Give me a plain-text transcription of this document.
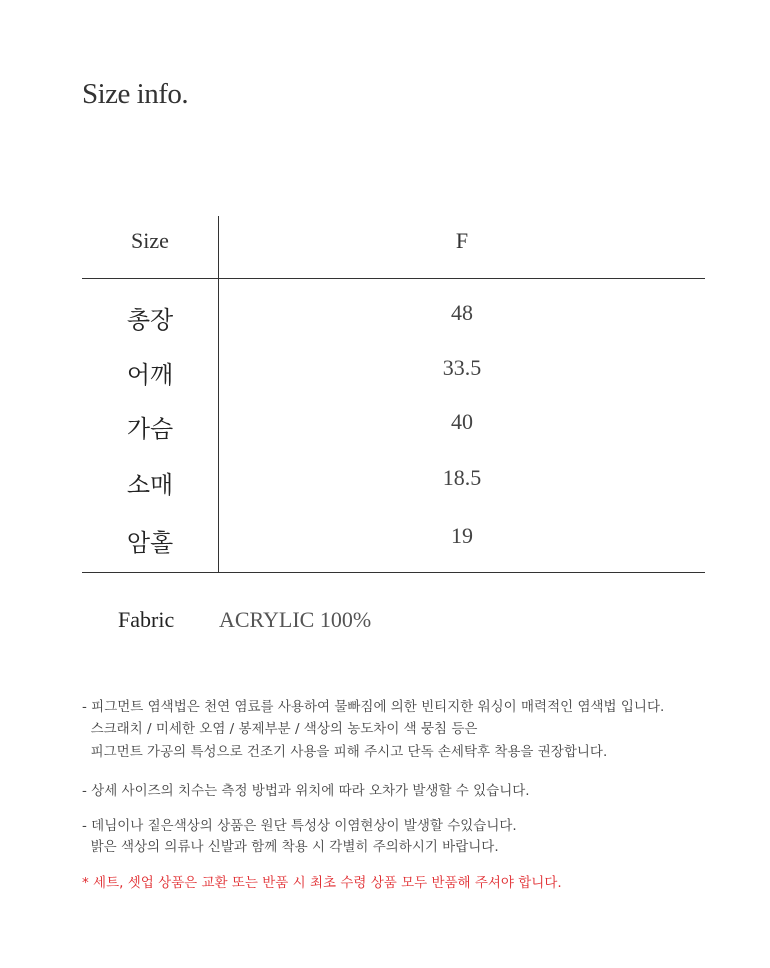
Size info.
Size	F
총장	48
어깨	33.5
가슴	40
소매	18.5
암홀	19
Fabric ACRYLIC 100%
- 피그먼트 염색법은 천연 염료를 사용하여 물빠짐에 의한 빈티지한 워싱이 매력적인 염색법 입니다.
스크래치 / 미세한 오염 / 봉제부분 / 색상의 농도차이 색 뭉침 등은
피그먼트 가공의 특성으로 건조기 사용을 피해 주시고 단독 손세탁후 착용을 권장합니다.
- 상세 사이즈의 치수는 측정 방법과 위치에 따라 오차가 발생할 수 있습니다.
- 데님이나 짙은색상의 상품은 원단 특성상 이염현상이 발생할 수있습니다.
밝은 색상의 의류나 신발과 함께 착용 시 각별히 주의하시기 바랍니다.
* 세트, 셋업 상품은 교환 또는 반품 시 최초 수령 상품 모두 반품해 주셔야 합니다.
